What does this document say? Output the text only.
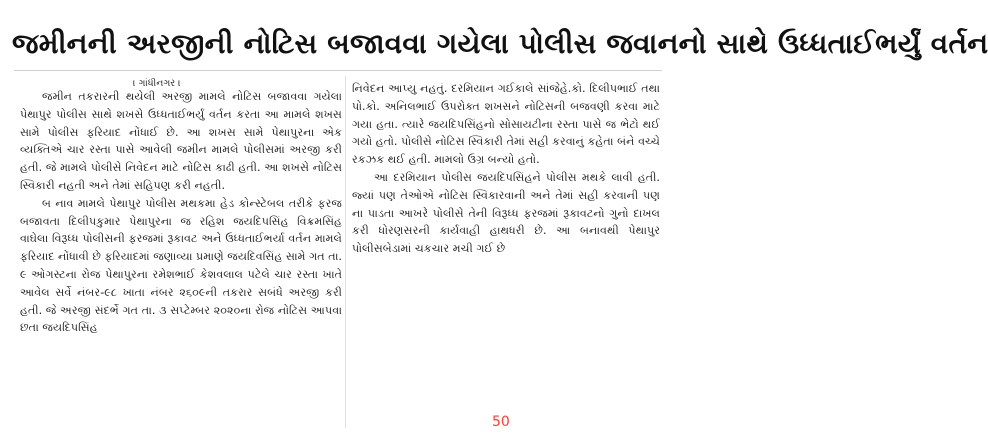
જમીનની અરજીની નોટિસ બજાવવા ગયેલા પોલીસ જવાનનો સાથે ઉધ્ધતાઈભર્યું વર્તન
। ગાંધીનગર ।

જમીન તકરારની થયેલી અરજી મામલે નોટિસ બજાવવા ગયેલા પેથાપુર પોલીસ સાથે શખસે ઉધ્ધતાઈભર્યું વર્તન કરતા આ મામલે શખસ સામે પોલીસ ફરિયાદ નોંધાઈ છે. આ શખસ સામે પેથાપુરના એક વ્યક્તિએ ચાર રસ્તા પાસે આવેલી જમીન મામલે પોલીસમાં અરજી કરી હતી. જે મામલે પોલીસે નિવેદન માટે નોટિસ કાઢી હતી. આ શખસે નોટિસ સ્વિકારી નહતી અને તેમાં સહિપણ કરી નહતી.

બ નાવ મામલે પેથાપુર પોલીસ મથકમા હેડ કોન્સ્ટેબલ તરીકે ફરજ બજાવતા દિલીપકુમાર પેથાપુરના જ રહિશ જયદિપસિંહ વિક્રમસિંહ વાઘેલા વિરૂધ્ધ પોલીસની ફરજમાં રૂકાવટ અને ઉધ્ધતાઈભર્યા વર્તન મામલે ફરિયાદ નોંધાવી છે ફરિયાદમાં જણાવ્યા પ્રમાણે જયદિવસિંહ સામે ગત તા. ૯ ઓગસ્ટના રોજ પેથાપુરના રમેશભાઈ કેશવલાલ પટેલે ચાર રસ્તા ખાતે આવેલ સર્વે નંબર-૯૮ ખાતા નંબર ૨૬૦૯ની તકરાર સબંધે અરજી કરી હતી. જે અરજી સંદર્ભે ગત તા. ૩ સપ્ટેમ્બર ૨૦૨૦ના રોજ નોટિસ આપવા છતા જયદિપસિંહ

નિવેદન આપ્યુ નહતું. દરમિયાન ગઈકાલે સાંજેહે.કો. દિલીપભાઈ તથા પો.કો. અનિલભાઈ ઉપરોક્ત શખસને નોટિસની બજવણી કરવા માટે ગયા હતા. ત્યારે જયદિપસિંહનો સોસાયટીના રસ્તા પાસે જ ભેટો થઈ ગયો હતો. પોલીસે નોટિસ સ્વિકારી તેમાં સહી કરવાનું કહેતા બંને વચ્ચે રકઝક થઈ હતી. મામલો ઉગ્ર બન્યો હતો.

આ દરમિયાન પોલીસ જયદિપસિંહને પોલીસ મથકે લાવી હતી. જ્યાં પણ તેઓએ નોટિસ સ્વિકારવાની અને તેમાં સહી કરવાની પણ ના પાડતા આખરે પોલીસે તેની વિરૂધ્ધ ફરજમાં રૂકાવટનો ગુનો દાખલ કરી ધોરણસરની કાર્યવાહી હાથધરી છે. આ બનાવથી પેથાપુર પોલીસબેડામાં ચકચાર મચી ગઈ છે

50
